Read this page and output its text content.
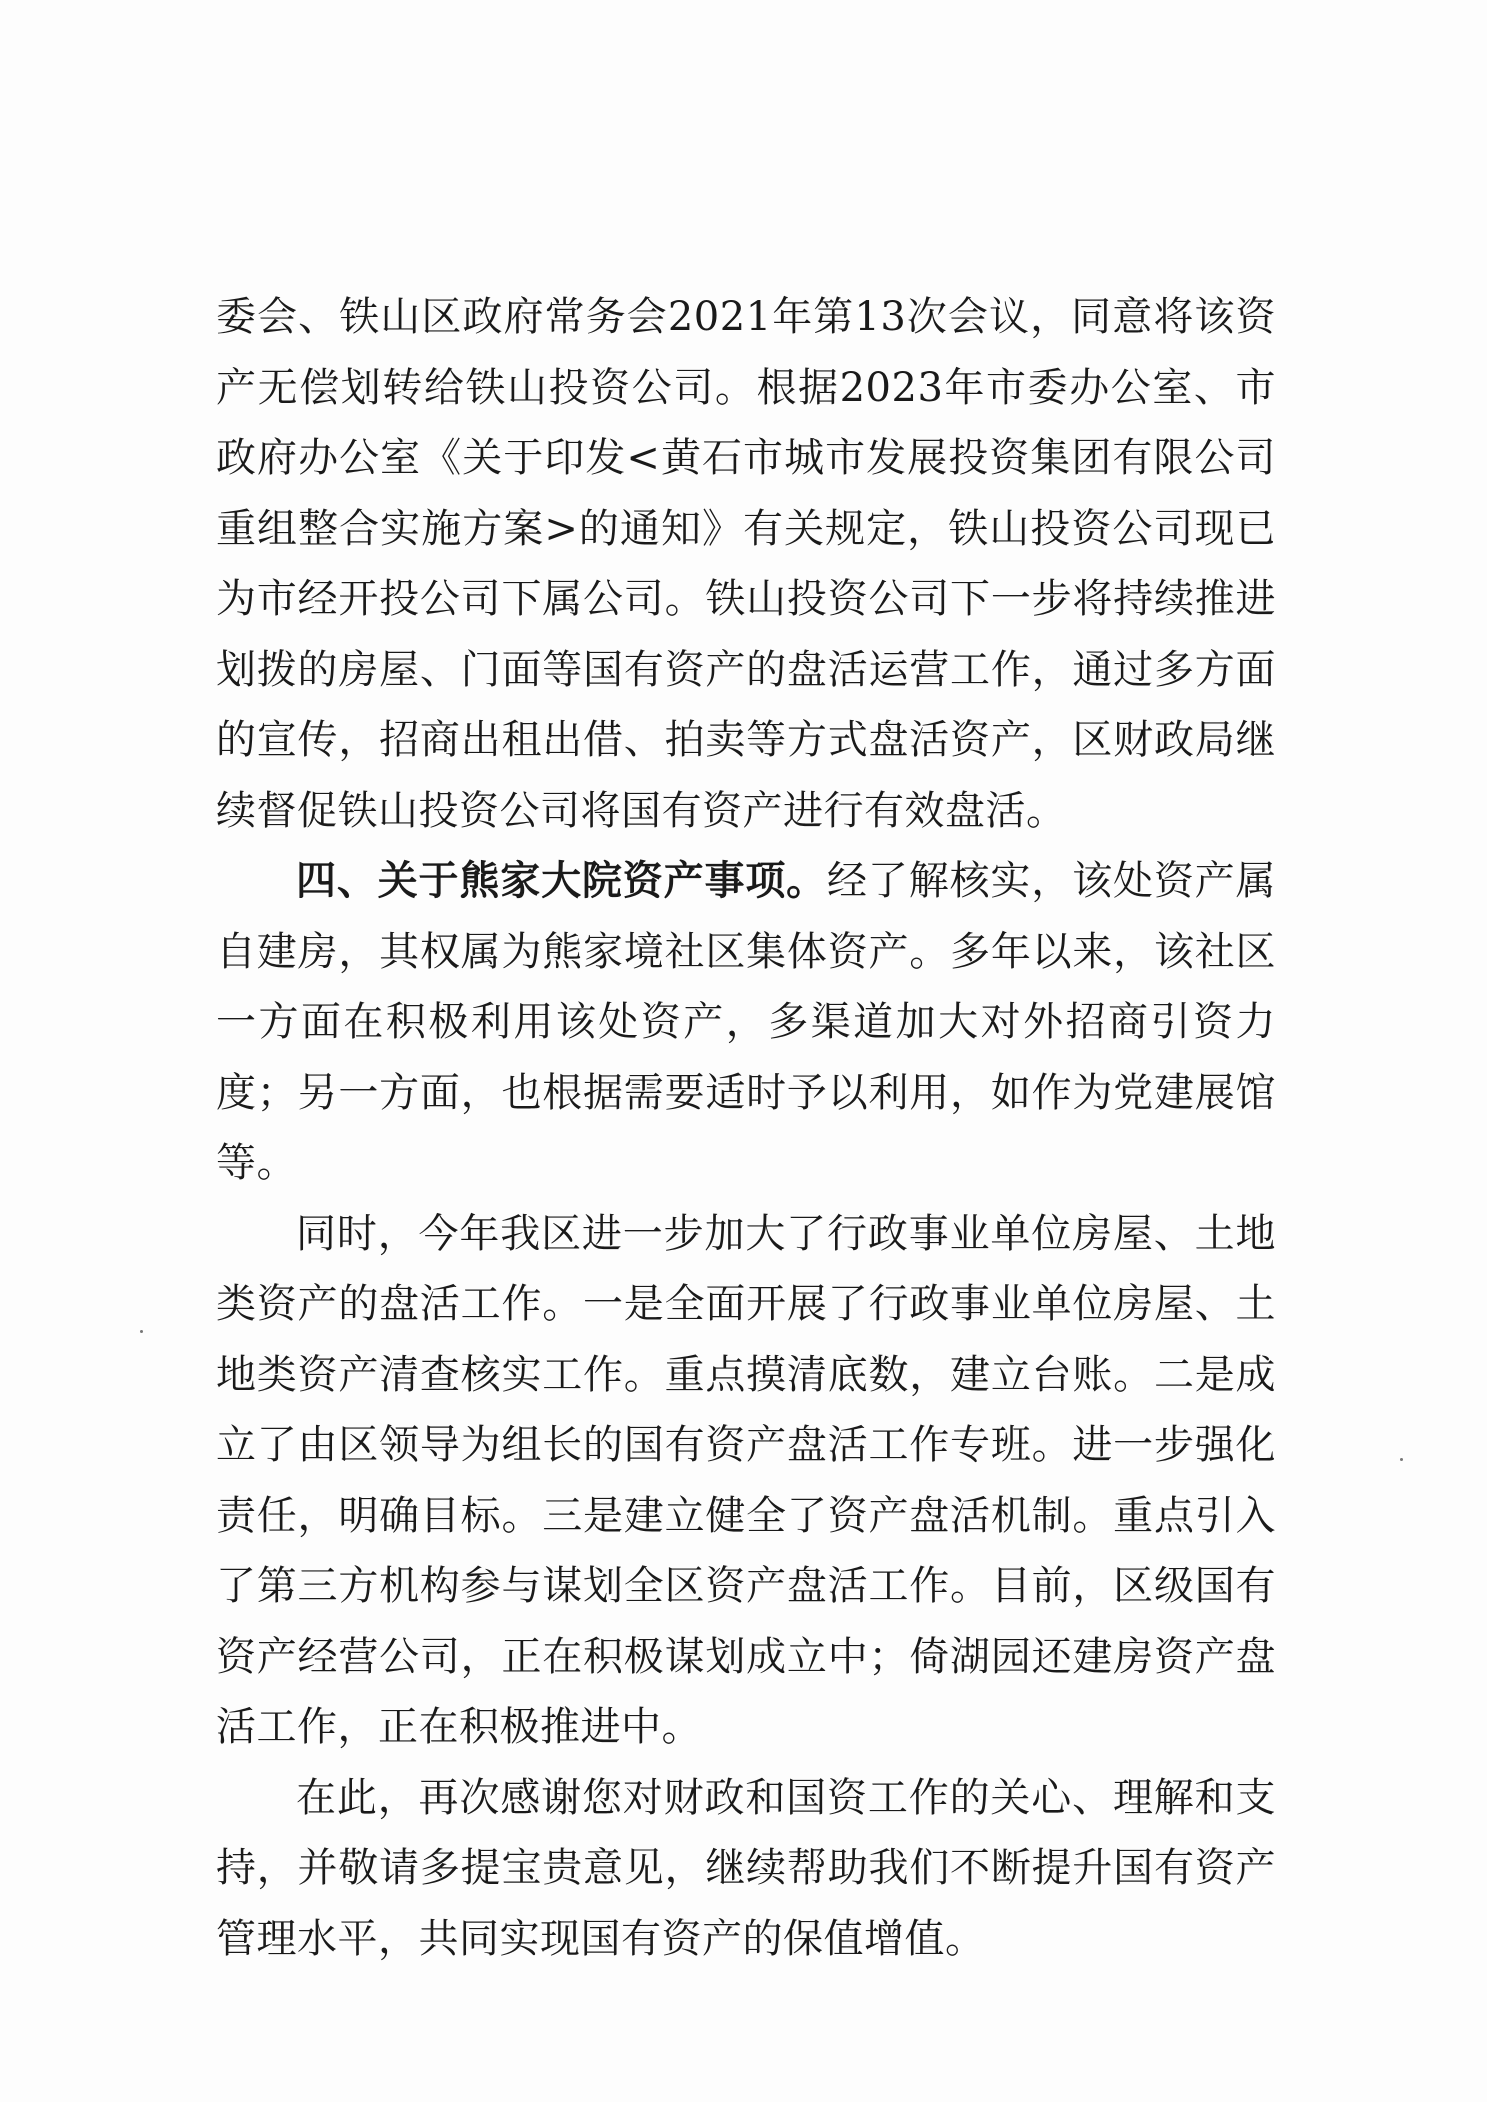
委会、铁山区政府常务会2021年第13次会议，同意将该资产无偿划转给铁山投资公司。根据2023年市委办公室、市政府办公室《关于印发<黄石市城市发展投资集团有限公司重组整合实施方案>的通知》有关规定，铁山投资公司现已为市经开投公司下属公司。铁山投资公司下一步将持续推进划拨的房屋、门面等国有资产的盘活运营工作，通过多方面的宣传，招商出租出借、拍卖等方式盘活资产，区财政局继续督促铁山投资公司将国有资产进行有效盘活。

四、关于熊家大院资产事项。经了解核实，该处资产属自建房，其权属为熊家境社区集体资产。多年以来，该社区一方面在积极利用该处资产，多渠道加大对外招商引资力度；另一方面，也根据需要适时予以利用，如作为党建展馆等。

同时，今年我区进一步加大了行政事业单位房屋、土地类资产的盘活工作。一是全面开展了行政事业单位房屋、土地类资产清查核实工作。重点摸清底数，建立台账。二是成立了由区领导为组长的国有资产盘活工作专班。进一步强化责任，明确目标。三是建立健全了资产盘活机制。重点引入了第三方机构参与谋划全区资产盘活工作。目前，区级国有资产经营公司，正在积极谋划成立中；倚湖园还建房资产盘活工作，正在积极推进中。

在此，再次感谢您对财政和国资工作的关心、理解和支持，并敬请多提宝贵意见，继续帮助我们不断提升国有资产管理水平，共同实现国有资产的保值增值。
